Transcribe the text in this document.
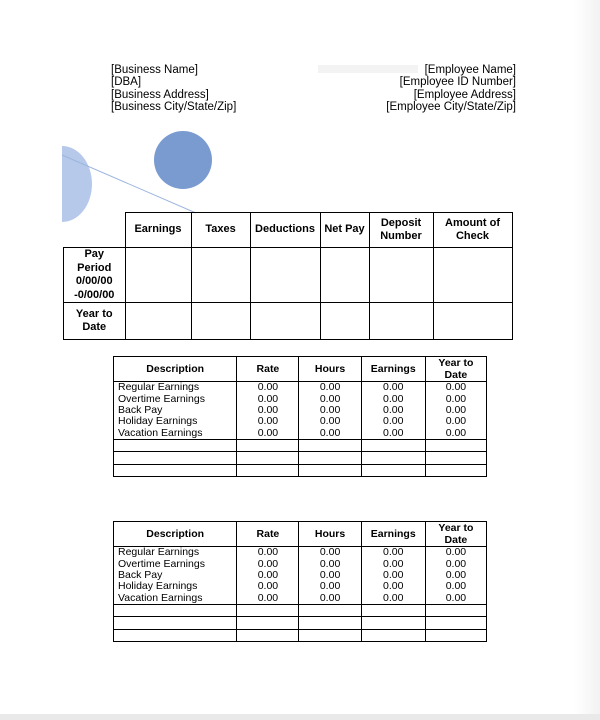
[Business Name]
[DBA]
[Business Address]
[Business City/State/Zip]
[Employee Name]
[Employee ID Number]
[Employee Address]
[Employee City/State/Zip]
	Earnings	Taxes	Deductions	Net Pay	Deposit Number	Amount of Check

Pay Period 0/00/00 -0/00/00						

Year to Date						

Description	Rate	Hours	Earnings	Year to Date

Regular Earnings	0.00	0.00	0.00	0.00
Overtime Earnings	0.00	0.00	0.00	0.00
Back Pay	0.00	0.00	0.00	0.00
Holiday Earnings	0.00	0.00	0.00	0.00
Vacation Earnings	0.00	0.00	0.00	0.00

Description	Rate	Hours	Earnings	Year to Date

Regular Earnings	0.00	0.00	0.00	0.00
Overtime Earnings	0.00	0.00	0.00	0.00
Back Pay	0.00	0.00	0.00	0.00
Holiday Earnings	0.00	0.00	0.00	0.00
Vacation Earnings	0.00	0.00	0.00	0.00
